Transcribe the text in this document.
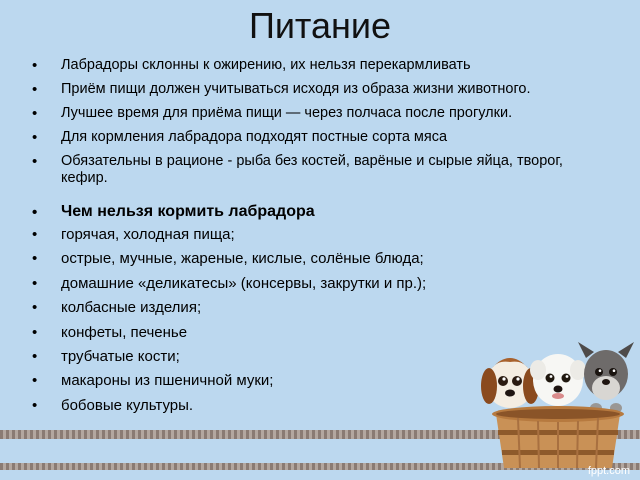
Питание
• Лабрадоры склонны к ожирению, их нельзя перекармливать
• Приём пищи должен учитываться исходя из образа жизни животного.
• Лучшее время для приёма пищи — через полчаса после прогулки.
• Для кормления лабрадора подходят постные сорта мяса
• Обязательны в рационе - рыба без костей, варёные и сырые яйца, творог, кефир.
• Чем нельзя кормить лабрадора
• горячая, холодная пища;
• острые, мучные, жареные, кислые, солёные блюда;
• домашние «деликатесы» (консервы, закрутки и пр.);
• колбасные изделия;
• конфеты, печенье
• трубчатые кости;
• макароны из пшеничной муки;
• бобовые культуры.
fppt.com
